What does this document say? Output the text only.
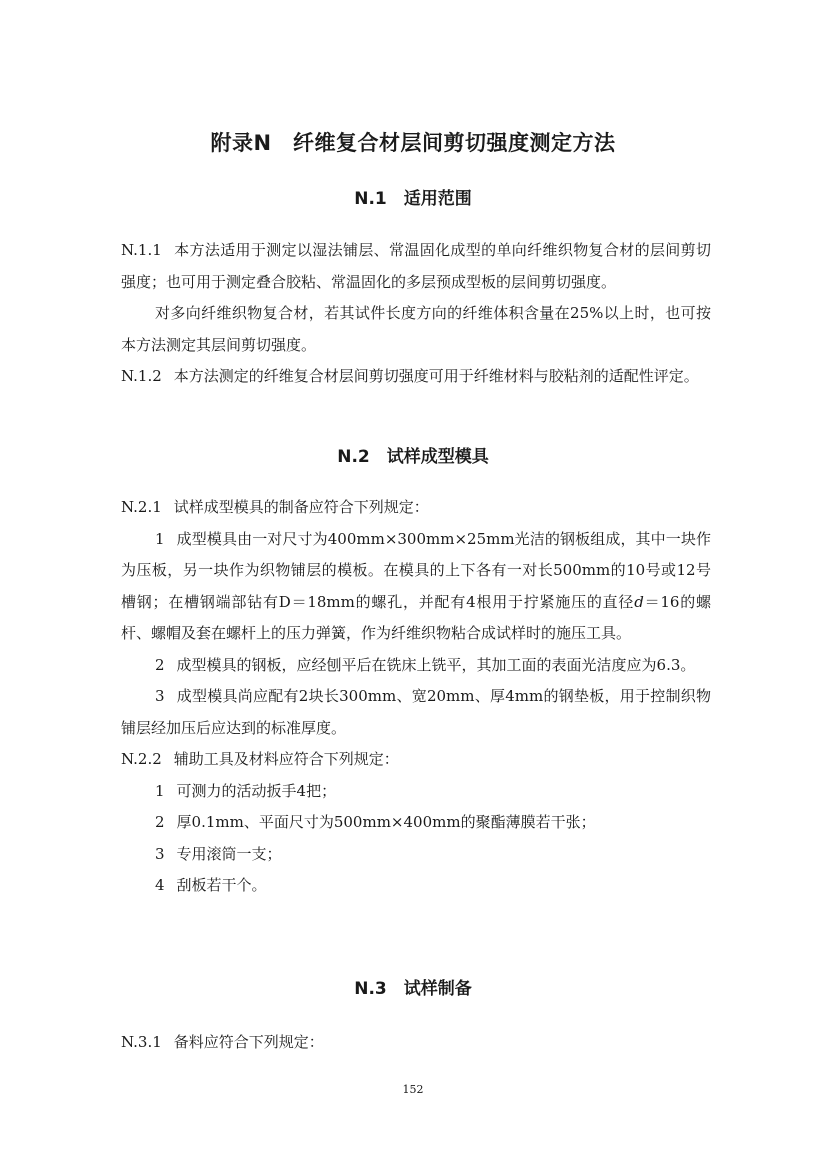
附录N　纤维复合材层间剪切强度测定方法
N.1　适用范围

N.1.1 本方法适用于测定以湿法铺层、常温固化成型的单向纤维织物复合材的层间剪切强度；也可用于测定叠合胶粘、常温固化的多层预成型板的层间剪切强度。

对多向纤维织物复合材，若其试件长度方向的纤维体积含量在25%以上时，也可按本方法测定其层间剪切强度。

N.1.2 本方法测定的纤维复合材层间剪切强度可用于纤维材料与胶粘剂的适配性评定。

N.2　试样成型模具

N.2.1 试样成型模具的制备应符合下列规定：

1 成型模具由一对尺寸为400mm×300mm×25mm光洁的钢板组成，其中一块作为压板，另一块作为织物铺层的模板。在模具的上下各有一对长500mm的10号或12号槽钢；在槽钢端部钻有D＝18mm的螺孔，并配有4根用于拧紧施压的直径d＝16的螺杆、螺帽及套在螺杆上的压力弹簧，作为纤维织物粘合成试样时的施压工具。

2 成型模具的钢板，应经刨平后在铣床上铣平，其加工面的表面光洁度应为6.3。

3 成型模具尚应配有2块长300mm、宽20mm、厚4mm的钢垫板，用于控制织物铺层经加压后应达到的标准厚度。

N.2.2 辅助工具及材料应符合下列规定：

1 可测力的活动扳手4把；

2 厚0.1mm、平面尺寸为500mm×400mm的聚酯薄膜若干张；

3 专用滚筒一支；

4 刮板若干个。

N.3　试样制备

N.3.1 备料应符合下列规定：

152
